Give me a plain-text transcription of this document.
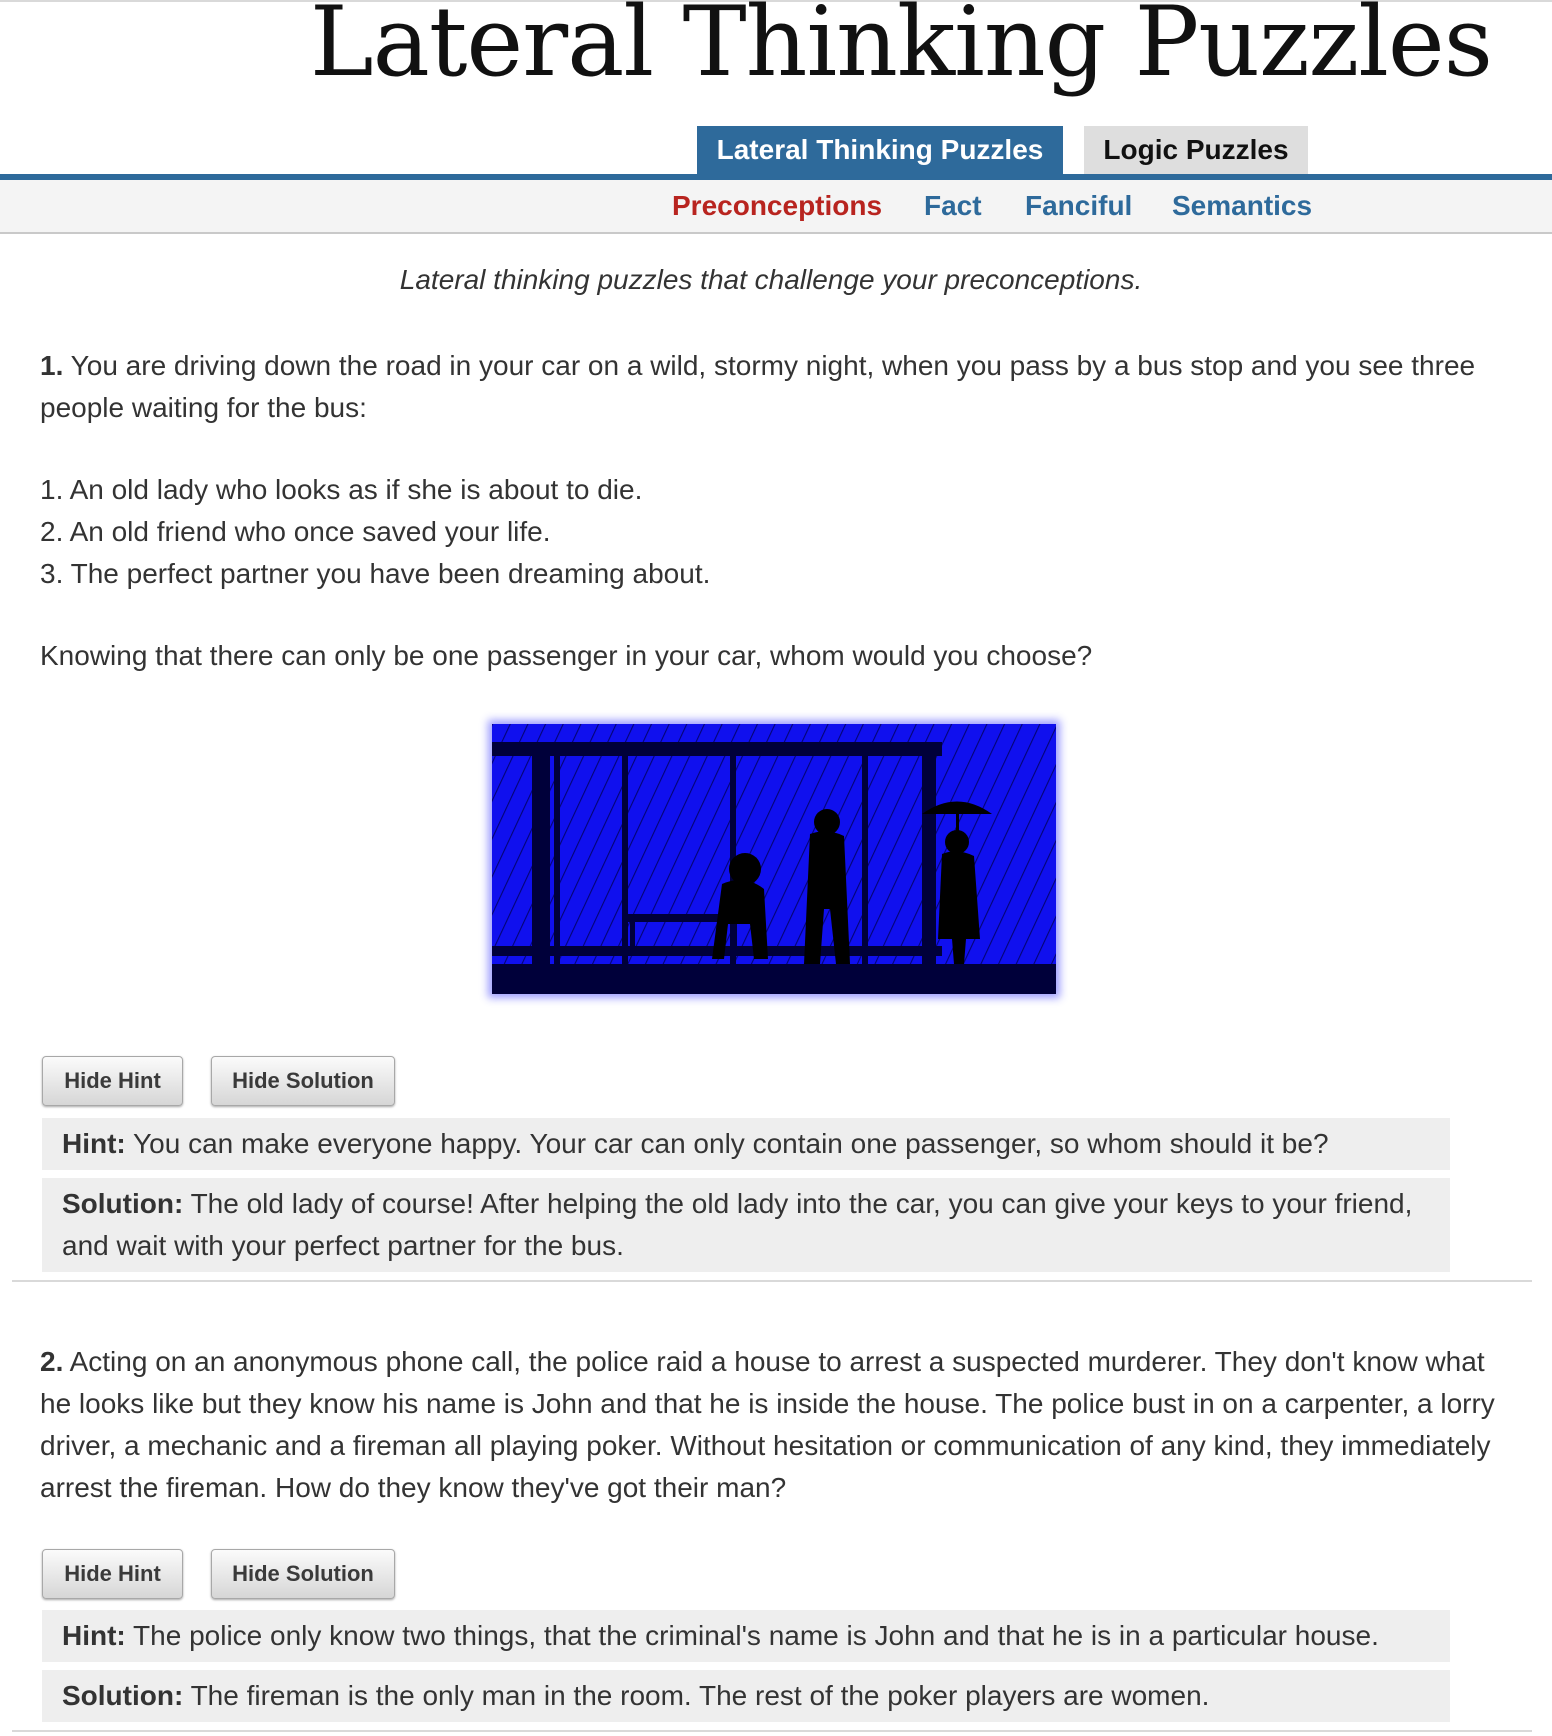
Lateral Thinking Puzzles
Lateral Thinking Puzzles	Logic Puzzles
Preconceptions Fact Fanciful Semantics
Lateral thinking puzzles that challenge your preconceptions.
1. You are driving down the road in your car on a wild, stormy night, when you pass by a bus stop and you see three people waiting for the bus:
1. An old lady who looks as if she is about to die.
2. An old friend who once saved your life.
3. The perfect partner you have been dreaming about.
Knowing that there can only be one passenger in your car, whom would you choose?
Hide Hint	Hide Solution
Hint: You can make everyone happy. Your car can only contain one passenger, so whom should it be?
Solution: The old lady of course! After helping the old lady into the car, you can give your keys to your friend, and wait with your perfect partner for the bus.
2. Acting on an anonymous phone call, the police raid a house to arrest a suspected murderer. They don't know what he looks like but they know his name is John and that he is inside the house. The police bust in on a carpenter, a lorry driver, a mechanic and a fireman all playing poker. Without hesitation or communication of any kind, they immediately arrest the fireman. How do they know they've got their man?
Hide Hint	Hide Solution
Hint: The police only know two things, that the criminal's name is John and that he is in a particular house.
Solution: The fireman is the only man in the room. The rest of the poker players are women.
